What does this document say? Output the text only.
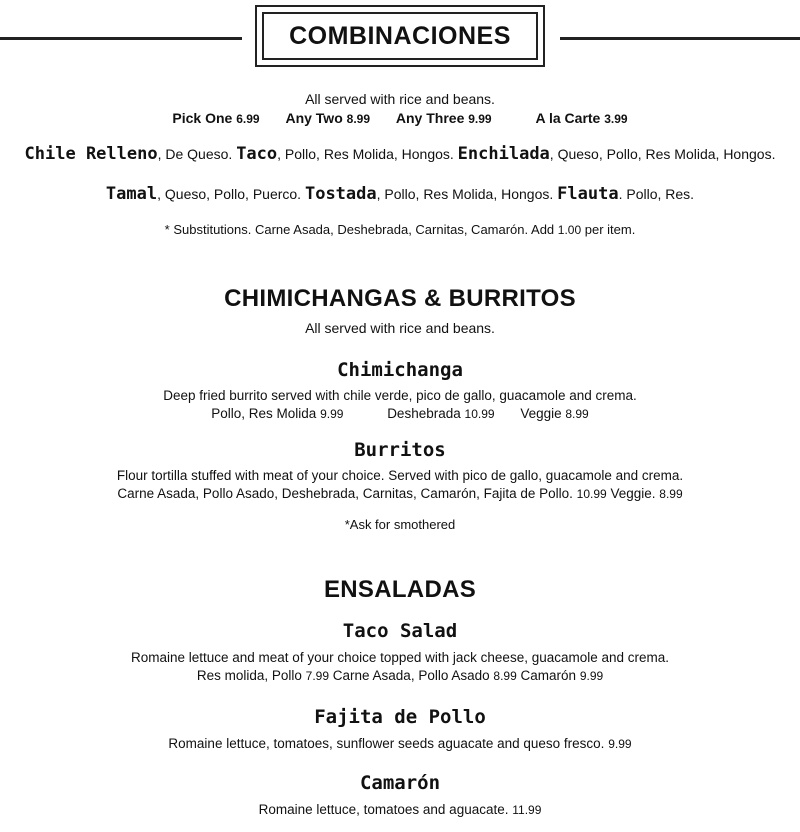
COMBINACIONES
All served with rice and beans.
Pick One 6.99 Any Two 8.99 Any Three 9.99	A la Carte 3.99
Chile Relleno, De Queso. Taco, Pollo, Res Molida, Hongos. Enchilada, Queso, Pollo, Res Molida, Hongos.
Tamal, Queso, Pollo, Puerco. Tostada, Pollo, Res Molida, Hongos. Flauta. Pollo, Res.
* Substitutions. Carne Asada, Deshebrada, Carnitas, Camarón. Add 1.00 per item.
CHIMICHANGAS & BURRITOS
All served with rice and beans.
Chimichanga
Deep fried burrito served with chile verde, pico de gallo, guacamole and crema.
Pollo, Res Molida 9.99	Deshebrada 10.99 Veggie 8.99
Burritos
Flour tortilla stuffed with meat of your choice. Served with pico de gallo, guacamole and crema.
Carne Asada, Pollo Asado, Deshebrada, Carnitas, Camarón, Fajita de Pollo. 10.99 Veggie. 8.99
*Ask for smothered
ENSALADAS
Taco Salad
Romaine lettuce and meat of your choice topped with jack cheese, guacamole and crema.
Res molida, Pollo 7.99 Carne Asada, Pollo Asado 8.99 Camarón 9.99
Fajita de Pollo
Romaine lettuce, tomatoes, sunflower seeds aguacate and queso fresco. 9.99
Camarón
Romaine lettuce, tomatoes and aguacate. 11.99
